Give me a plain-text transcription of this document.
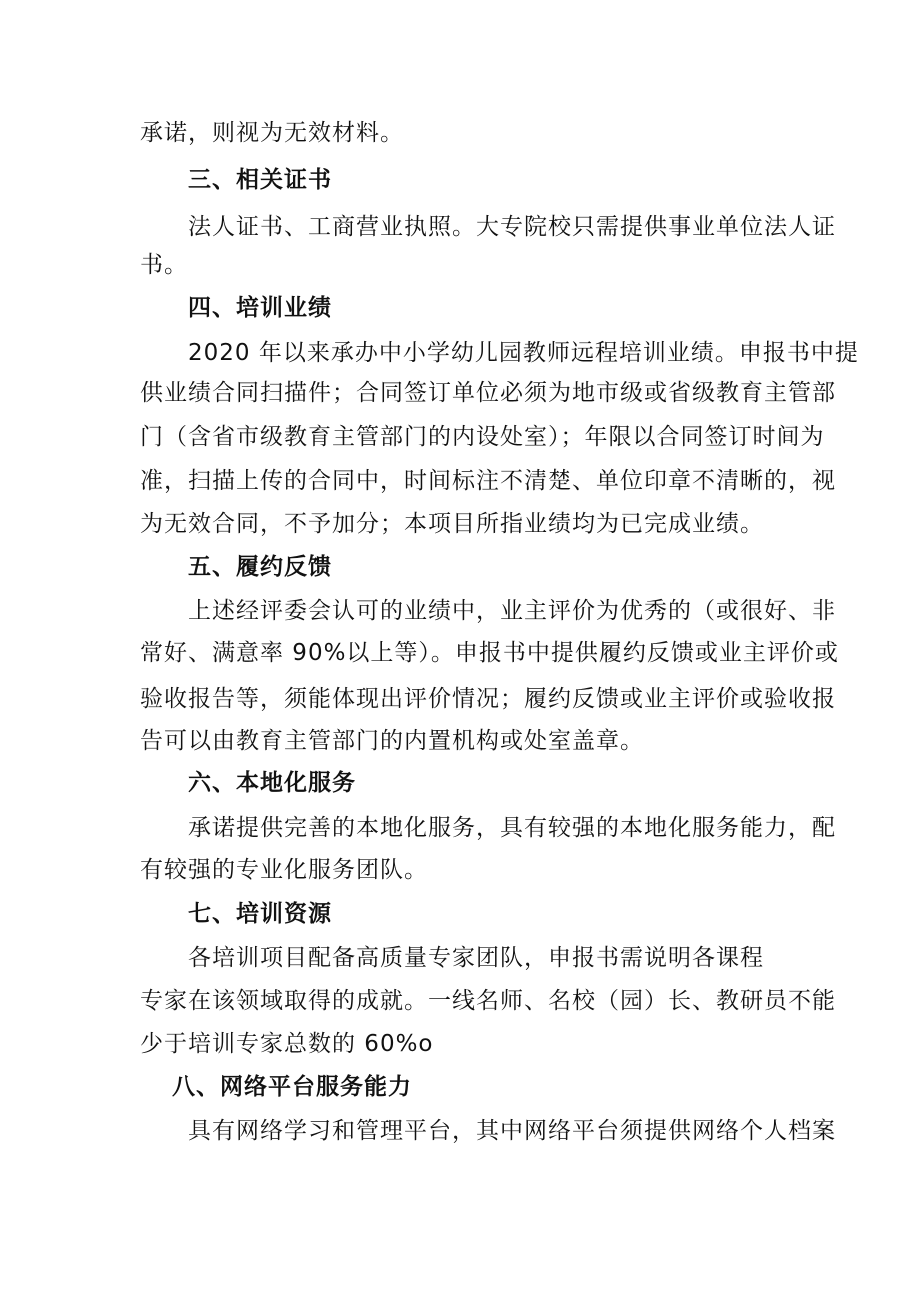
承诺，则视为无效材料。
三、相关证书
法人证书、工商营业执照。大专院校只需提供事业单位法人证
书。
四、培训业绩
2020 年以来承办中小学幼儿园教师远程培训业绩。申报书中提
供业绩合同扫描件；合同签订单位必须为地市级或省级教育主管部
门（含省市级教育主管部门的内设处室）；年限以合同签订时间为
准，扫描上传的合同中，时间标注不清楚、单位印章不清晰的，视
为无效合同，不予加分；本项目所指业绩均为已完成业绩。
五、履约反馈
上述经评委会认可的业绩中，业主评价为优秀的（或很好、非
常好、满意率 90%以上等）。申报书中提供履约反馈或业主评价或
验收报告等，须能体现出评价情况；履约反馈或业主评价或验收报
告可以由教育主管部门的内置机构或处室盖章。
六、本地化服务
承诺提供完善的本地化服务，具有较强的本地化服务能力，配
有较强的专业化服务团队。
七、培训资源
各培训项目配备高质量专家团队，申报书需说明各课程
专家在该领域取得的成就。一线名师、名校（园）长、教研员不能
少于培训专家总数的 60%o
八、网络平台服务能力
具有网络学习和管理平台，其中网络平台须提供网络个人档案
